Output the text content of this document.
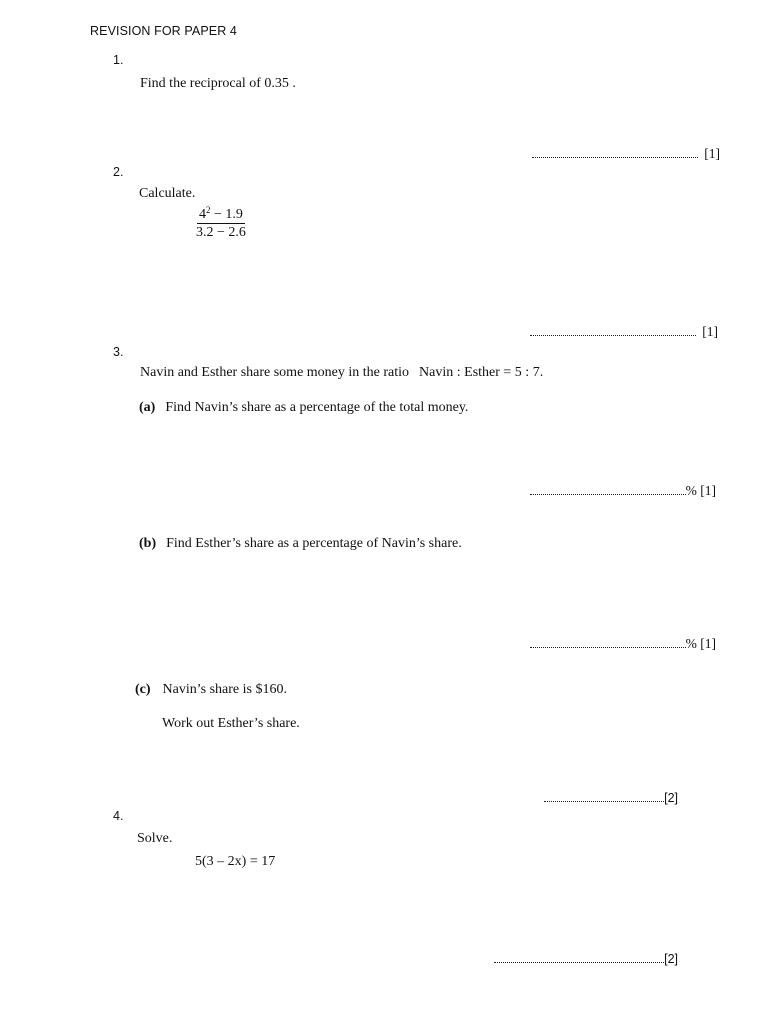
REVISION FOR PAPER 4
1.
Find the reciprocal of 0.35 .
[1]
2.
Calculate.
$\frac{4^2 - 1.9}{3.2 - 2.6}$
[1]
3.
Navin and Esther share some money in the ratio Navin : Esther = 5 : 7.
(a) Find Navin’s share as a percentage of the total money.
% [1]
(b) Find Esther’s share as a percentage of Navin’s share.
% [1]
(c) Navin’s share is $160.
Work out Esther’s share.
[2]
4.
Solve.
5(3 – 2x) = 17
[2]
